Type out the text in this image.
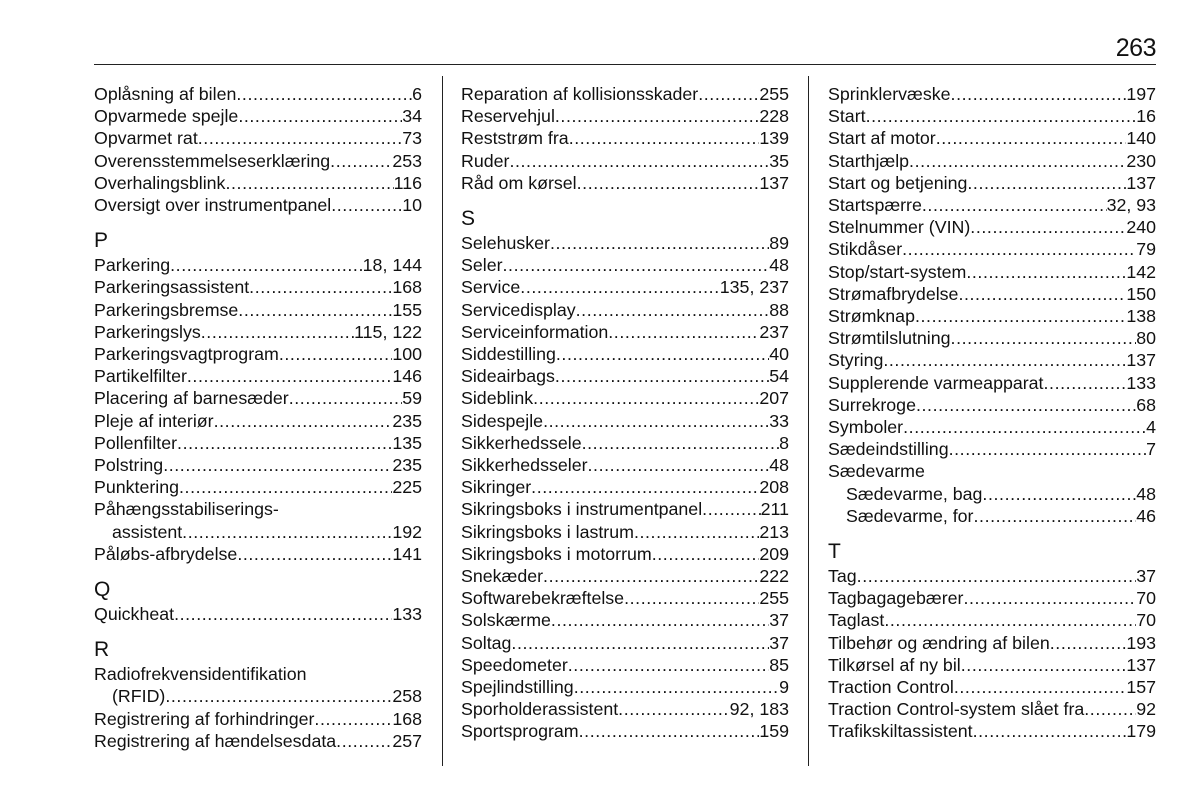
263
Oplåsning af bilen .....	6
Opvarmede spejle .....	34
Opvarmet rat .....	73
Overensstemmelseserklæring .....	253
Overhalingsblink .....	116
Oversigt over instrumentpanel .....	10
P
Parkering .....	18, 144
Parkeringsassistent .....	168
Parkeringsbremse .....	155
Parkeringslys .....	115, 122
Parkeringsvagtprogram .....	100
Partikelfilter .....	146
Placering af barnesæder .....	59
Pleje af interiør .....	235
Pollenfilter .....	135
Polstring .....	235
Punktering .....	225
Påhængsstabiliserings-
assistent .....	192
Påløbs-afbrydelse .....	141
Q
Quickheat .....	133
R
Radiofrekvensidentifikation
(RFID) .....	258
Registrering af forhindringer .....	168
Registrering af hændelsesdata .....	257
Reparation af kollisionsskader .....	255
Reservehjul .....	228
Reststrøm fra .....	139
Ruder .....	35
Råd om kørsel .....	137
S
Selehusker .....	89
Seler .....	48
Service .....	135, 237
Servicedisplay .....	88
Serviceinformation .....	237
Siddestilling .....	40
Sideairbags .....	54
Sideblink .....	207
Sidespejle .....	33
Sikkerhedssele .....	8
Sikkerhedsseler .....	48
Sikringer .....	208
Sikringsboks i instrumentpanel .....	211
Sikringsboks i lastrum .....	213
Sikringsboks i motorrum .....	209
Snekæder .....	222
Softwarebekræftelse .....	255
Solskærme .....	37
Soltag .....	37
Speedometer .....	85
Spejlindstilling .....	9
Sporholderassistent .....	92, 183
Sportsprogram .....	159
Sprinklervæske .....	197
Start .....	16
Start af motor .....	140
Starthjælp .....	230
Start og betjening .....	137
Startspærre .....	32, 93
Stelnummer (VIN) .....	240
Stikdåser .....	79
Stop/start-system .....	142
Strømafbrydelse .....	150
Strømknap .....	138
Strømtilslutning .....	80
Styring .....	137
Supplerende varmeapparat .....	133
Surrekroge .....	68
Symboler .....	4
Sædeindstilling .....	7
Sædevarme
Sædevarme, bag .....	48
Sædevarme, for .....	46
T
Tag .....	37
Tagbagagebærer .....	70
Taglast .....	70
Tilbehør og ændring af bilen .....	193
Tilkørsel af ny bil .....	137
Traction Control .....	157
Traction Control-system slået fra .....	92
Trafikskiltassistent .....	179
